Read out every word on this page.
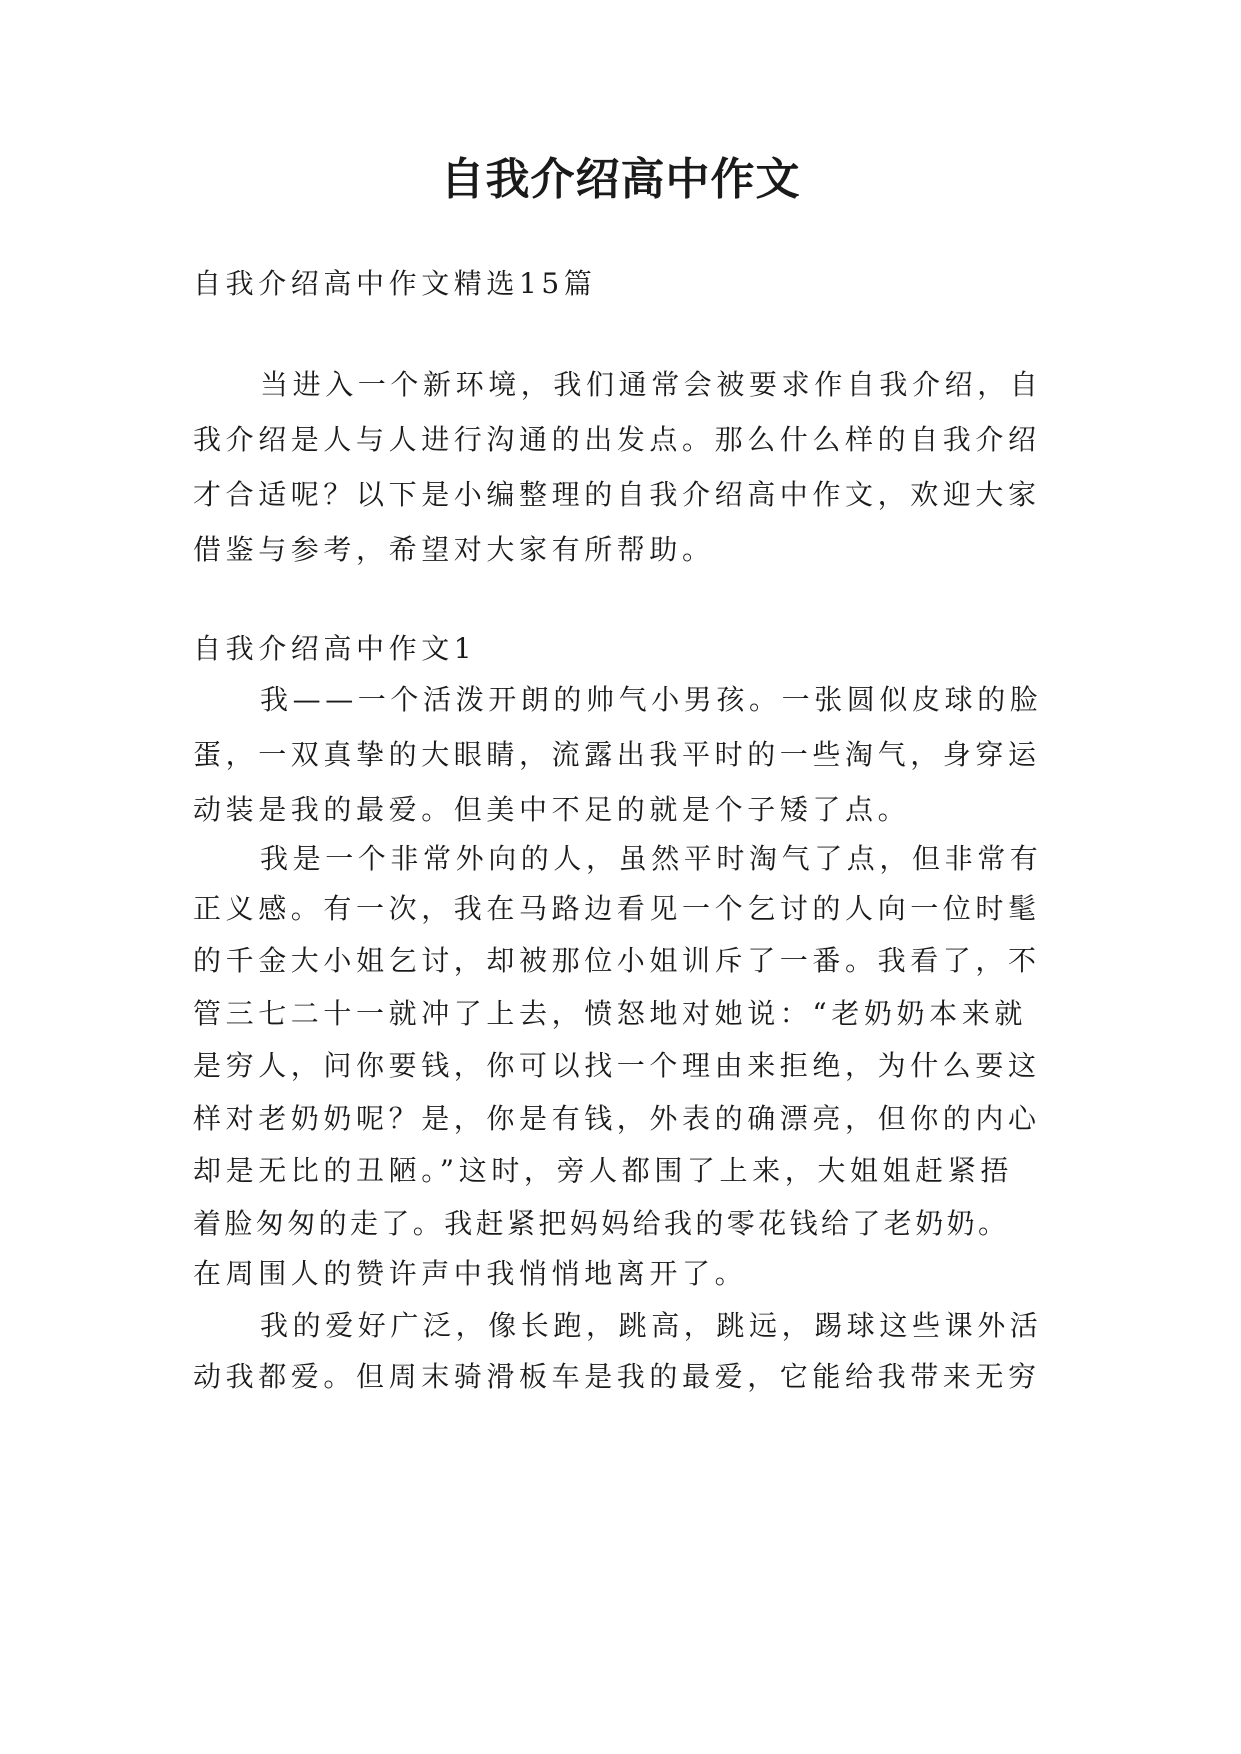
自我介绍高中作文
自我介绍高中作文精选15篇
当进入一个新环境，我们通常会被要求作自我介绍，自
我介绍是人与人进行沟通的出发点。那么什么样的自我介绍
才合适呢？以下是小编整理的自我介绍高中作文，欢迎大家
借鉴与参考，希望对大家有所帮助。
自我介绍高中作文1
我——一个活泼开朗的帅气小男孩。一张圆似皮球的脸
蛋，一双真挚的大眼睛，流露出我平时的一些淘气，身穿运
动装是我的最爱。但美中不足的就是个子矮了点。
我是一个非常外向的人，虽然平时淘气了点，但非常有
正义感。有一次，我在马路边看见一个乞讨的人向一位时髦
的千金大小姐乞讨，却被那位小姐训斥了一番。我看了，不
管三七二十一就冲了上去，愤怒地对她说：“老奶奶本来就
是穷人，问你要钱，你可以找一个理由来拒绝，为什么要这
样对老奶奶呢？是，你是有钱，外表的确漂亮，但你的内心
却是无比的丑陋。”这时，旁人都围了上来，大姐姐赶紧捂
着脸匆匆的走了。我赶紧把妈妈给我的零花钱给了老奶奶。
在周围人的赞许声中我悄悄地离开了。
我的爱好广泛，像长跑，跳高，跳远，踢球这些课外活
动我都爱。但周末骑滑板车是我的最爱，它能给我带来无穷
